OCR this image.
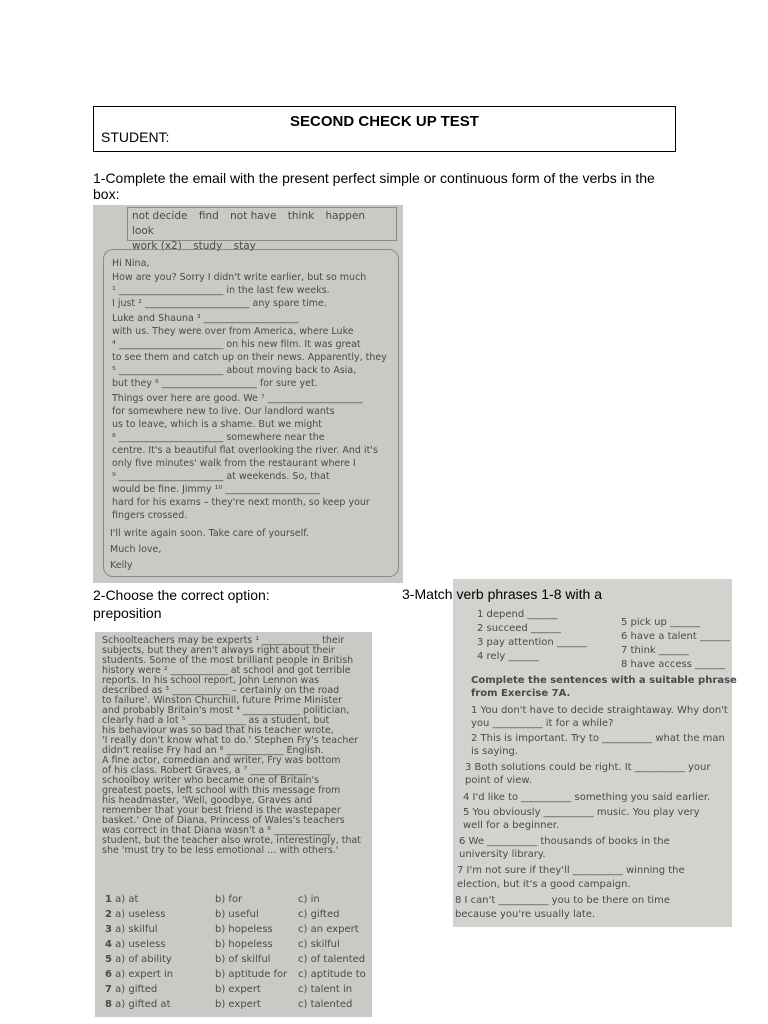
SECOND CHECK UP TEST
STUDENT:
1-Complete the email with the present perfect simple or continuous form of the verbs in the box:
not decide find not have think happen look
work (x2) study stay
Hi Nina,
How are you? Sorry I didn't write earlier, but so much
¹ ______________________ in the last few weeks.
I just ² ______________________ any spare time.
Luke and Shauna ³ ____________________
with us. They were over from America, where Luke
⁴ ______________________ on his new film. It was great
to see them and catch up on their news. Apparently, they
⁵ ______________________ about moving back to Asia,
but they ⁶ ____________________ for sure yet.
Things over here are good. We ⁷ ____________________
for somewhere new to live. Our landlord wants
us to leave, which is a shame. But we might
⁸ ______________________ somewhere near the
centre. It's a beautiful flat overlooking the river. And it's
only five minutes' walk from the restaurant where I
⁹ ______________________ at weekends. So, that
would be fine. Jimmy ¹⁰ ____________________
hard for his exams – they're next month, so keep your
fingers crossed.
I'll write again soon. Take care of yourself.
Much love,
Kelly
2-Choose the correct option: preposition
Schoolteachers may be experts ¹ ____________ their
subjects, but they aren't always right about their
students. Some of the most brilliant people in British
history were ² ____________ at school and got terrible
reports. In his school report, John Lennon was
described as ³ ____________ – certainly on the road
to failure'. Winston Churchill, future Prime Minister
and probably Britain's most ⁴ ____________ politician,
clearly had a lot ⁵ ____________ as a student, but
his behaviour was so bad that his teacher wrote,
'I really don't know what to do.' Stephen Fry's teacher
didn't realise Fry had an ⁶ ____________ English.
A fine actor, comedian and writer, Fry was bottom
of his class. Robert Graves, a ⁷ ____________
schoolboy writer who became one of Britain's
greatest poets, left school with this message from
his headmaster, 'Well, goodbye, Graves and
remember that your best friend is the wastepaper
basket.' One of Diana, Princess of Wales's teachers
was correct in that Diana wasn't a ⁸ ____________
student, but the teacher also wrote, interestingly, that
she 'must try to be less emotional ... with others.'
1 a) at	b) for	c) in
2 a) useless	b) useful	c) gifted
3 a) skilful	b) hopeless	c) an expert
4 a) useless	b) hopeless	c) skilful
5 a) of ability	b) of skilful	c) of talented
6 a) expert in	b) aptitude for c) aptitude to
7 a) gifted	b) expert	c) talent in
8 a) gifted at	b) expert	c) talented
1 depend ______
2 succeed ______
3 pay attention ______
4 rely ______
5 pick up ______
6 have a talent ______
7 think ______
8 have access ______
Complete the sentences with a suitable phrase
from Exercise 7A.
1 You don't have to decide straightaway. Why don't
you __________ it for a while?
2 This is important. Try to __________ what the man
is saying.
3 Both solutions could be right. It __________ your
point of view.
4 I'd like to __________ something you said earlier.
5 You obviously __________ music. You play very
well for a beginner.
6 We __________ thousands of books in the
university library.
7 I'm not sure if they'll __________ winning the
election, but it's a good campaign.
8 I can't __________ you to be there on time
because you're usually late.
3-Match verb phrases 1-8 with a
